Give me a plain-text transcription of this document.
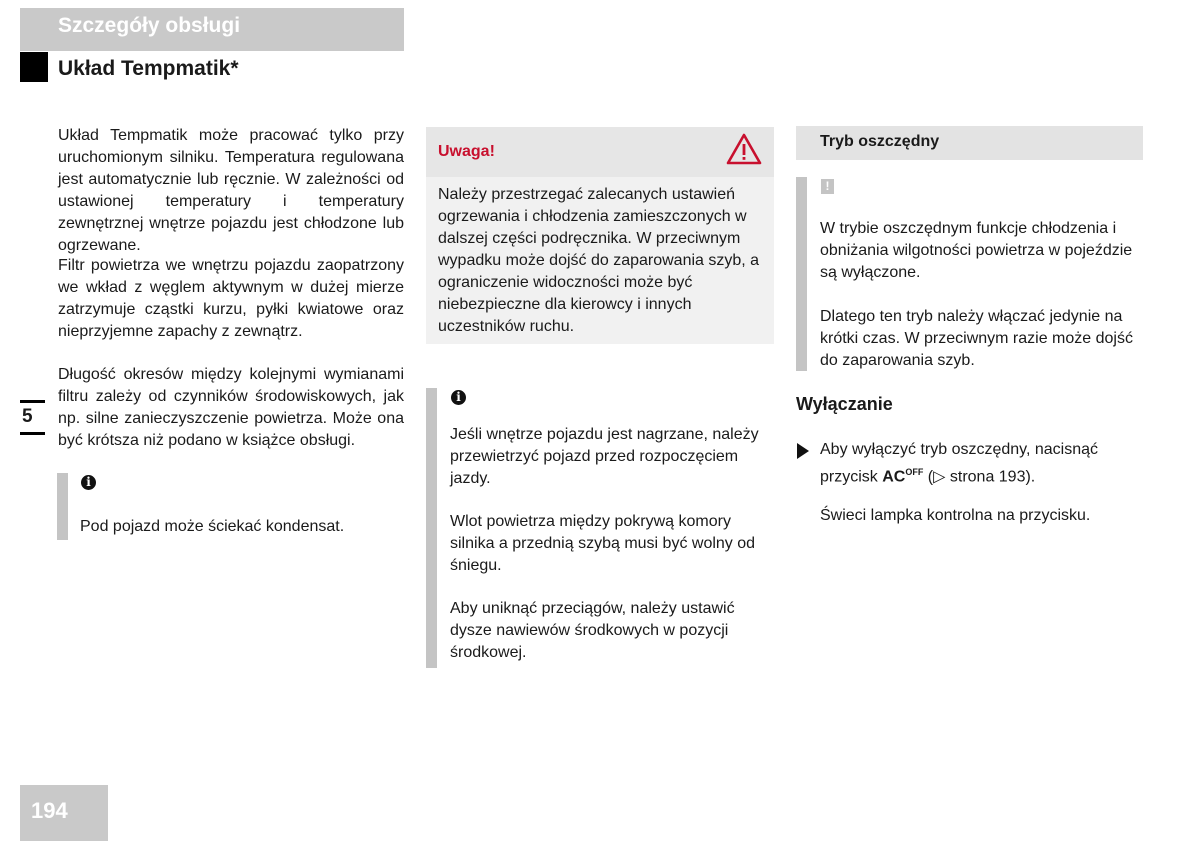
Szczegóły obsługi
Układ Tempmatik*
5
Układ Tempmatik może pracować tylko przy uruchomionym silniku. Temperatura regulowana jest automatycznie lub ręcznie. W zależności od ustawionej temperatury i temperatury zewnętrznej wnętrze pojazdu jest chłodzone lub ogrzewane.
Filtr powietrza we wnętrzu pojazdu zaopatrzony we wkład z węglem aktywnym w dużej mierze zatrzymuje cząstki kurzu, pyłki kwiatowe oraz nieprzyjemne zapachy z zewnątrz.
Długość okresów między kolejnymi wymianami filtru zależy od czynników środowiskowych, jak np. silne zanieczyszczenie powietrza. Może ona być krótsza niż podano w książce obsługi.
i
Pod pojazd może ściekać kondensat.
Uwaga!
Należy przestrzegać zalecanych ustawień ogrzewania i chłodzenia zamieszczonych w dalszej części podręcznika. W przeciwnym wypadku może dojść do zaparowania szyb, a ograniczenie widoczności może być niebezpieczne dla kierowcy i innych uczestników ruchu.
i
Jeśli wnętrze pojazdu jest nagrzane, należy przewietrzyć pojazd przed rozpoczęciem jazdy.
Wlot powietrza między pokrywą komory silnika a przednią szybą musi być wolny od śniegu.
Aby uniknąć przeciągów, należy ustawić dysze nawiewów środkowych w pozycji środkowej.
Tryb oszczędny
!
W trybie oszczędnym funkcje chłodzenia i obniżania wilgotności powietrza w pojeździe są wyłączone.
Dlatego ten tryb należy włączać jedynie na krótki czas. W przeciwnym razie może dojść do zaparowania szyb.
Wyłączanie
Aby wyłączyć tryb oszczędny, nacisnąć przycisk $AC^{OFF}$ (▷ strona 193).
Świeci lampka kontrolna na przycisku.
194
